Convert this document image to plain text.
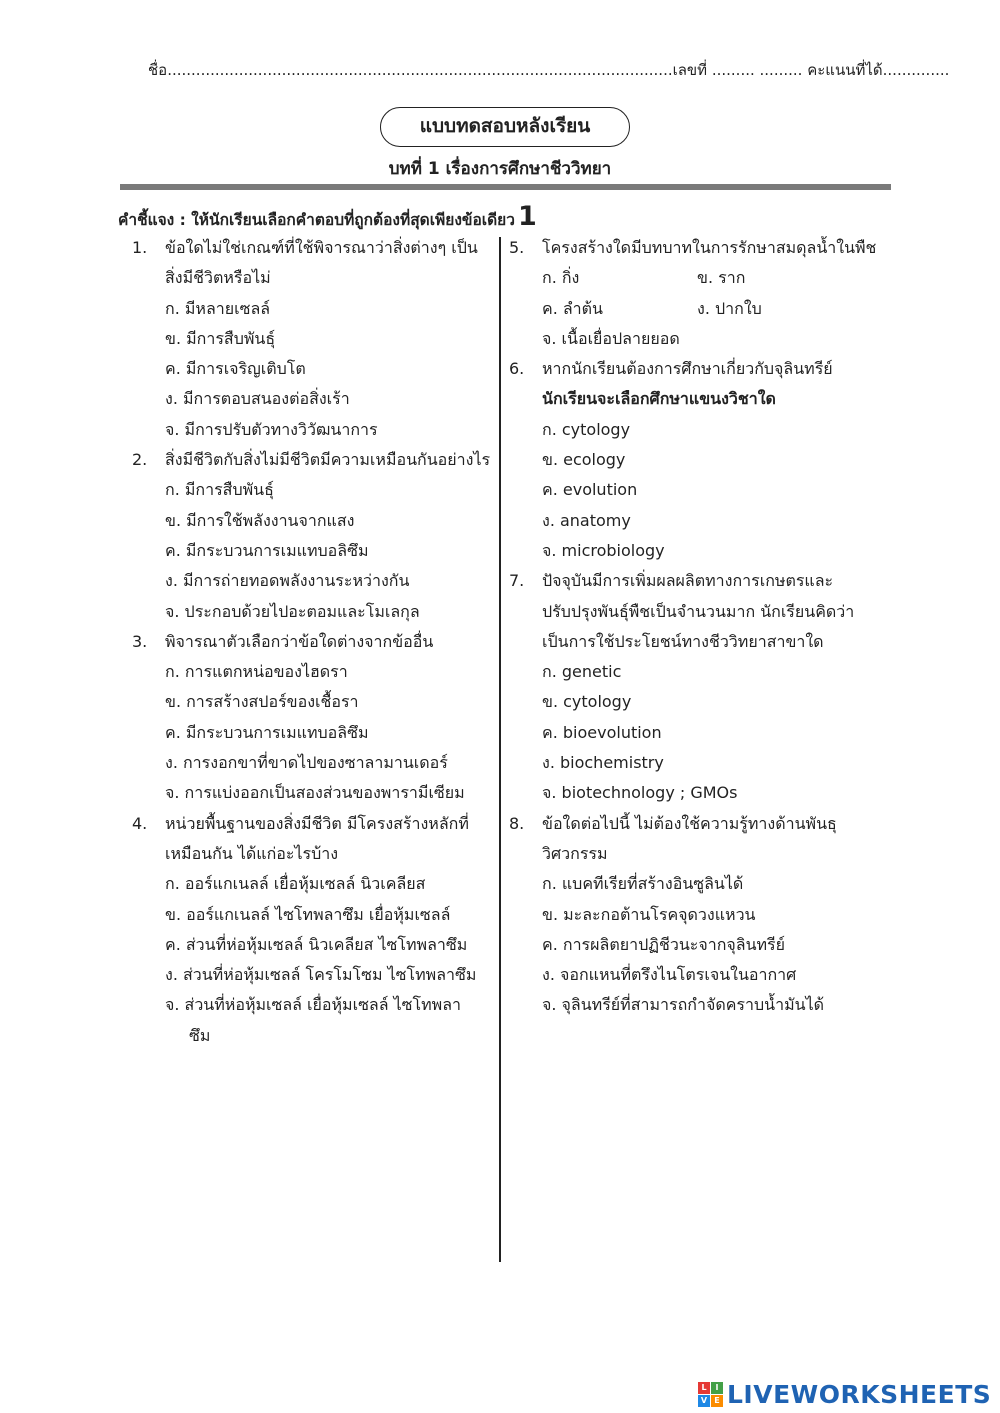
ชื่อ..........................................................................................................เลขที่ ......... ......... คะแนนที่ได้..............
แบบทดสอบหลังเรียน
บทที่ 1 เรื่องการศึกษาชีววิทยา
คำชี้แจง : ให้นักเรียนเลือกคำตอบที่ถูกต้องที่สุดเพียงข้อเดียว 1
1.	ข้อใดไม่ใช่เกณฑ์ที่ใช้พิจารณาว่าสิ่งต่างๆ เป็นสิ่งมีชีวิตหรือไม่
ก. มีหลายเซลล์
ข. มีการสืบพันธุ์
ค. มีการเจริญเติบโต
ง. มีการตอบสนองต่อสิ่งเร้า
จ. มีการปรับตัวทางวิวัฒนาการ
2.	สิ่งมีชีวิตกับสิ่งไม่มีชีวิตมีความเหมือนกันอย่างไร
ก. มีการสืบพันธุ์
ข. มีการใช้พลังงานจากแสง
ค. มีกระบวนการเมแทบอลิซึม
ง. มีการถ่ายทอดพลังงานระหว่างกัน
จ. ประกอบด้วยไปอะตอมและโมเลกุล
3.	พิจารณาตัวเลือกว่าข้อใดต่างจากข้ออื่น
ก. การแตกหน่อของไฮดรา
ข. การสร้างสปอร์ของเชื้อรา
ค. มีกระบวนการเมแทบอลิซึม
ง. การงอกขาที่ขาดไปของซาลามานเดอร์
จ. การแบ่งออกเป็นสองส่วนของพารามีเซียม
4.	หน่วยพื้นฐานของสิ่งมีชีวิต มีโครงสร้างหลักที่เหมือนกัน ได้แก่อะไรบ้าง
ก. ออร์แกเนลล์ เยื่อหุ้มเซลล์ นิวเคลียส
ข. ออร์แกเนลล์ ไซโทพลาซึม เยื่อหุ้มเซลล์
ค. ส่วนที่ห่อหุ้มเซลล์ นิวเคลียส ไซโทพลาซึม
ง. ส่วนที่ห่อหุ้มเซลล์ โครโมโซม ไซโทพลาซึม
จ. ส่วนที่ห่อหุ้มเซลล์ เยื่อหุ้มเซลล์ ไซโทพลา
ซึม
5.	โครงสร้างใดมีบทบาทในการรักษาสมดุลน้ำในพืช
ก. กิ่ง	ข. ราก
ค. ลำต้น	ง. ปากใบ
จ. เนื้อเยื่อปลายยอด
6.	หากนักเรียนต้องการศึกษาเกี่ยวกับจุลินทรีย์ นักเรียนจะเลือกศึกษาแขนงวิชาใด
ก. cytology
ข. ecology
ค. evolution
ง. anatomy
จ. microbiology
7.	ปัจจุบันมีการเพิ่มผลผลิตทางการเกษตรและปรับปรุงพันธุ์พืชเป็นจำนวนมาก นักเรียนคิดว่าเป็นการใช้ประโยชน์ทางชีววิทยาสาขาใด
ก. genetic
ข. cytology
ค. bioevolution
ง. biochemistry
จ. biotechnology ; GMOs
8.	ข้อใดต่อไปนี้ ไม่ต้องใช้ความรู้ทางด้านพันธุวิศวกรรม
ก. แบคทีเรียที่สร้างอินซูลินได้
ข. มะละกอต้านโรคจุดวงแหวน
ค. การผลิตยาปฏิชีวนะจากจุลินทรีย์
ง. จอกแหนที่ตรึงไนโตรเจนในอากาศ
จ. จุลินทรีย์ที่สามารถกำจัดคราบน้ำมันได้
L	I
V E LIVEWORKSHEETS
